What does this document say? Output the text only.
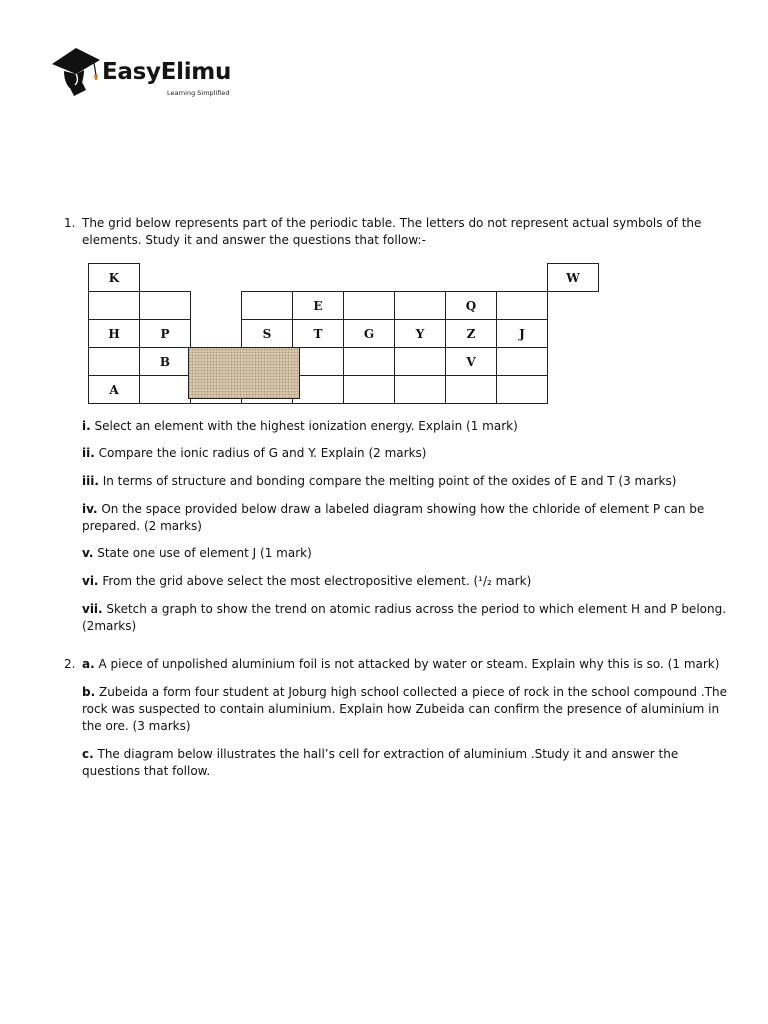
EasyElimu
Learning Simplified
1. The grid below represents part of the periodic table. The letters do not represent actual symbols of the elements. Study it and answer the questions that follow:-
K									W
				E			Q	
H	P		S	T	G	Y	Z	J	
	B						V		
A									
i. Select an element with the highest ionization energy. Explain (1 mark)
ii. Compare the ionic radius of G and Y. Explain (2 marks)
iii. In terms of structure and bonding compare the melting point of the oxides of E and T (3 marks)
iv. On the space provided below draw a labeled diagram showing how the chloride of element P can be prepared. (2 marks)
v. State one use of element J (1 mark)
vi. From the grid above select the most electropositive element. (¹/₂ mark)
vii. Sketch a graph to show the trend on atomic radius across the period to which element H and P belong. (2marks)
2. a. A piece of unpolished aluminium foil is not attacked by water or steam. Explain why this is so. (1 mark)
b. Zubeida a form four student at Joburg high school collected a piece of rock in the school compound .The rock was suspected to contain aluminium. Explain how Zubeida can confirm the presence of aluminium in the ore. (3 marks)
c. The diagram below illustrates the hall’s cell for extraction of aluminium .Study it and answer the questions that follow.
